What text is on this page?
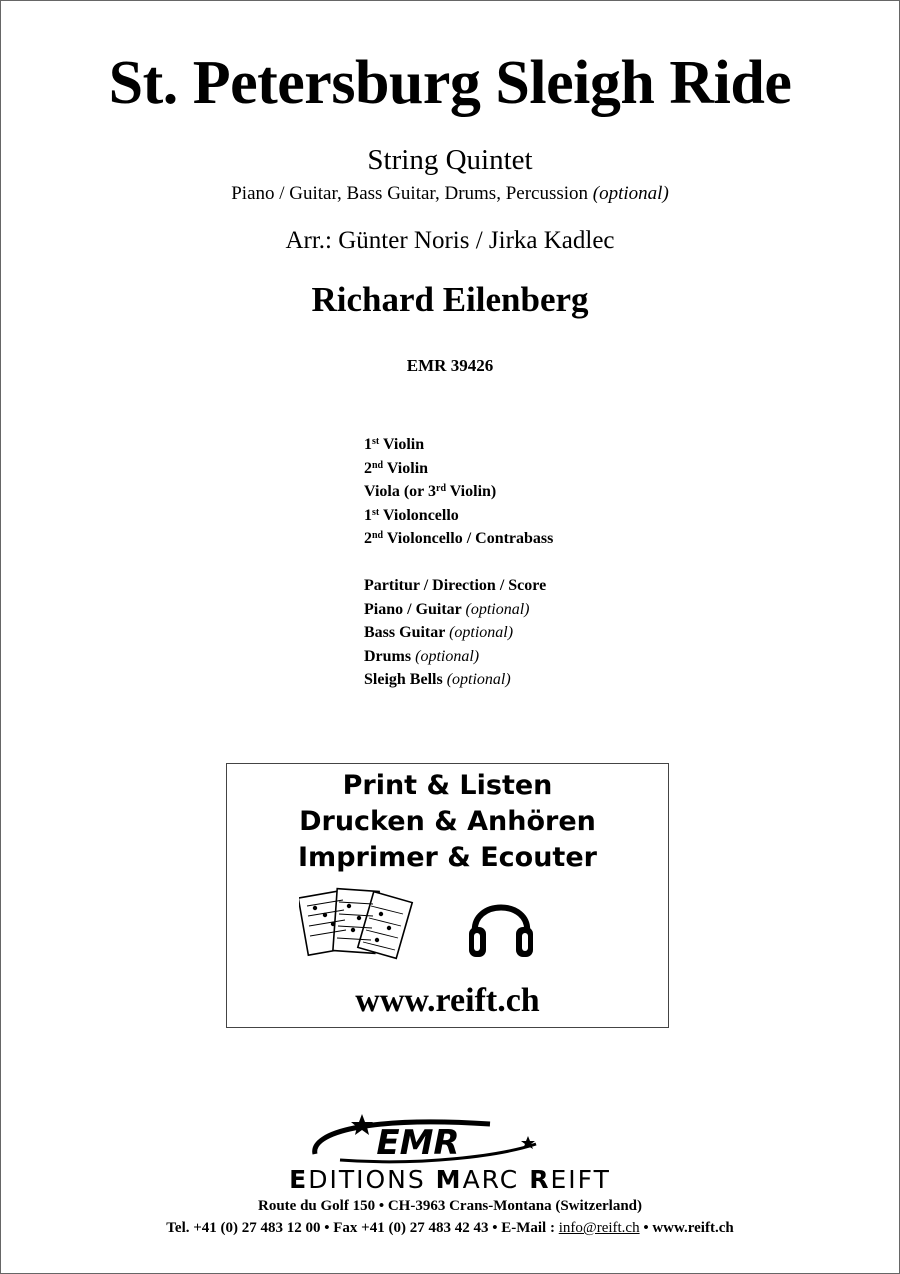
St. Petersburg Sleigh Ride
String Quintet
Piano / Guitar, Bass Guitar, Drums, Percussion (optional)
Arr.: Günter Noris / Jirka Kadlec
Richard Eilenberg
EMR 39426
1st Violin
2nd Violin
Viola (or 3rd Violin)
1st Violoncello
2nd Violoncello / Contrabass
Partitur / Direction / Score
Piano / Guitar (optional)
Bass Guitar (optional)
Drums (optional)
Sleigh Bells (optional)
Print & Listen
Drucken & Anhören
Imprimer & Ecouter
www.reift.ch
EMR
EDITIONS MARC REIFT
Route du Golf 150 • CH-3963 Crans-Montana (Switzerland)
Tel. +41 (0) 27 483 12 00 • Fax +41 (0) 27 483 42 43 • E-Mail : info@reift.ch • www.reift.ch
